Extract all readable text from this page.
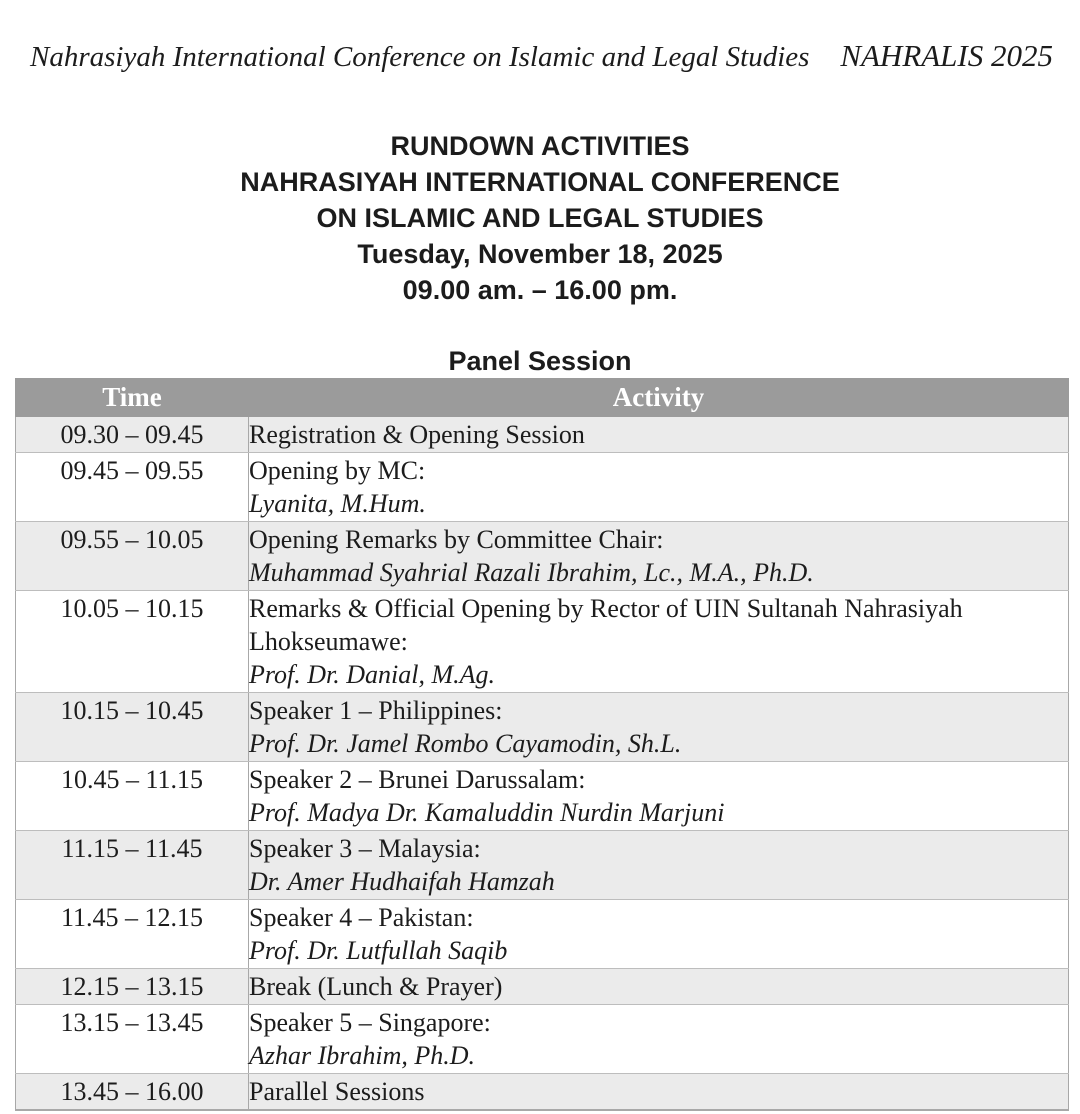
Nahrasiyah International Conference on Islamic and Legal Studies NAHRALIS 2025
RUNDOWN ACTIVITIES
NAHRASIYAH INTERNATIONAL CONFERENCE
ON ISLAMIC AND LEGAL STUDIES
Tuesday, November 18, 2025
09.00 am. – 16.00 pm.
Panel Session
Time	Activity
09.30 – 09.45	Registration & Opening Session

09.45 – 09.55	Opening by MC:
Lyanita, M.Hum.

09.55 – 10.05	Opening Remarks by Committee Chair:
Muhammad Syahrial Razali Ibrahim, Lc., M.A., Ph.D.

10.05 – 10.15	Remarks & Official Opening by Rector of UIN Sultanah Nahrasiyah Lhokseumawe:
Prof. Dr. Danial, M.Ag.

10.15 – 10.45	Speaker 1 – Philippines:
Prof. Dr. Jamel Rombo Cayamodin, Sh.L.

10.45 – 11.15	Speaker 2 – Brunei Darussalam:
Prof. Madya Dr. Kamaluddin Nurdin Marjuni

11.15 – 11.45	Speaker 3 – Malaysia:
Dr. Amer Hudhaifah Hamzah

11.45 – 12.15	Speaker 4 – Pakistan:
Prof. Dr. Lutfullah Saqib

12.15 – 13.15	Break (Lunch & Prayer)

13.15 – 13.45	Speaker 5 – Singapore:
Azhar Ibrahim, Ph.D.

13.45 – 16.00	Parallel Sessions
